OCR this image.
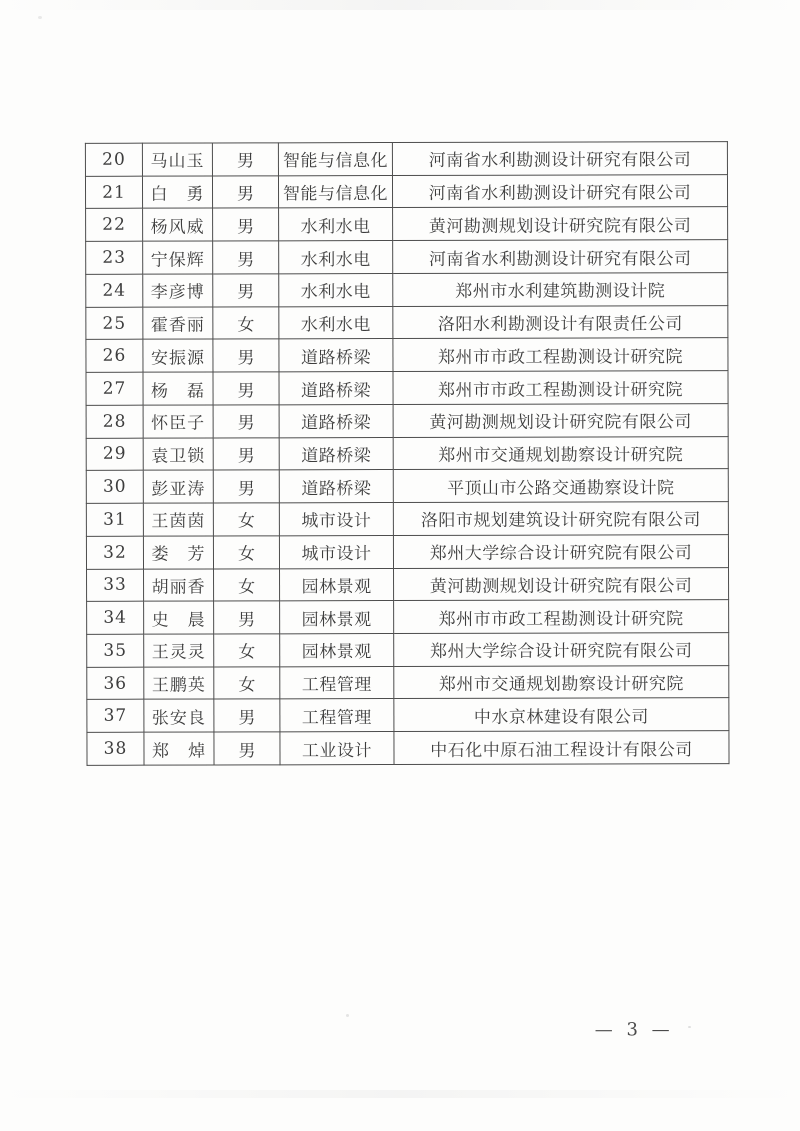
20	马山玉	男	智能与信息化	河南省水利勘测设计研究有限公司
21	白　勇	男	智能与信息化	河南省水利勘测设计研究有限公司
22	杨风威	男	水利水电	黄河勘测规划设计研究院有限公司
23	宁保辉	男	水利水电	河南省水利勘测设计研究有限公司
24	李彦博	男	水利水电	郑州市水利建筑勘测设计院
25	霍香丽	女	水利水电	洛阳水利勘测设计有限责任公司
26	安振源	男	道路桥梁	郑州市市政工程勘测设计研究院
27	杨　磊	男	道路桥梁	郑州市市政工程勘测设计研究院
28	怀臣子	男	道路桥梁	黄河勘测规划设计研究院有限公司
29	袁卫锁	男	道路桥梁	郑州市交通规划勘察设计研究院
30	彭亚涛	男	道路桥梁	平顶山市公路交通勘察设计院
31	王茵茵	女	城市设计	洛阳市规划建筑设计研究院有限公司
32	娄　芳	女	城市设计	郑州大学综合设计研究院有限公司
33	胡丽香	女	园林景观	黄河勘测规划设计研究院有限公司
34	史　晨	男	园林景观	郑州市市政工程勘测设计研究院
35	王灵灵	女	园林景观	郑州大学综合设计研究院有限公司
36	王鹏英	女	工程管理	郑州市交通规划勘察设计研究院
37	张安良	男	工程管理	中水京林建设有限公司
38	郑　焯	男	工业设计	中石化中原石油工程设计有限公司
— 3 —
